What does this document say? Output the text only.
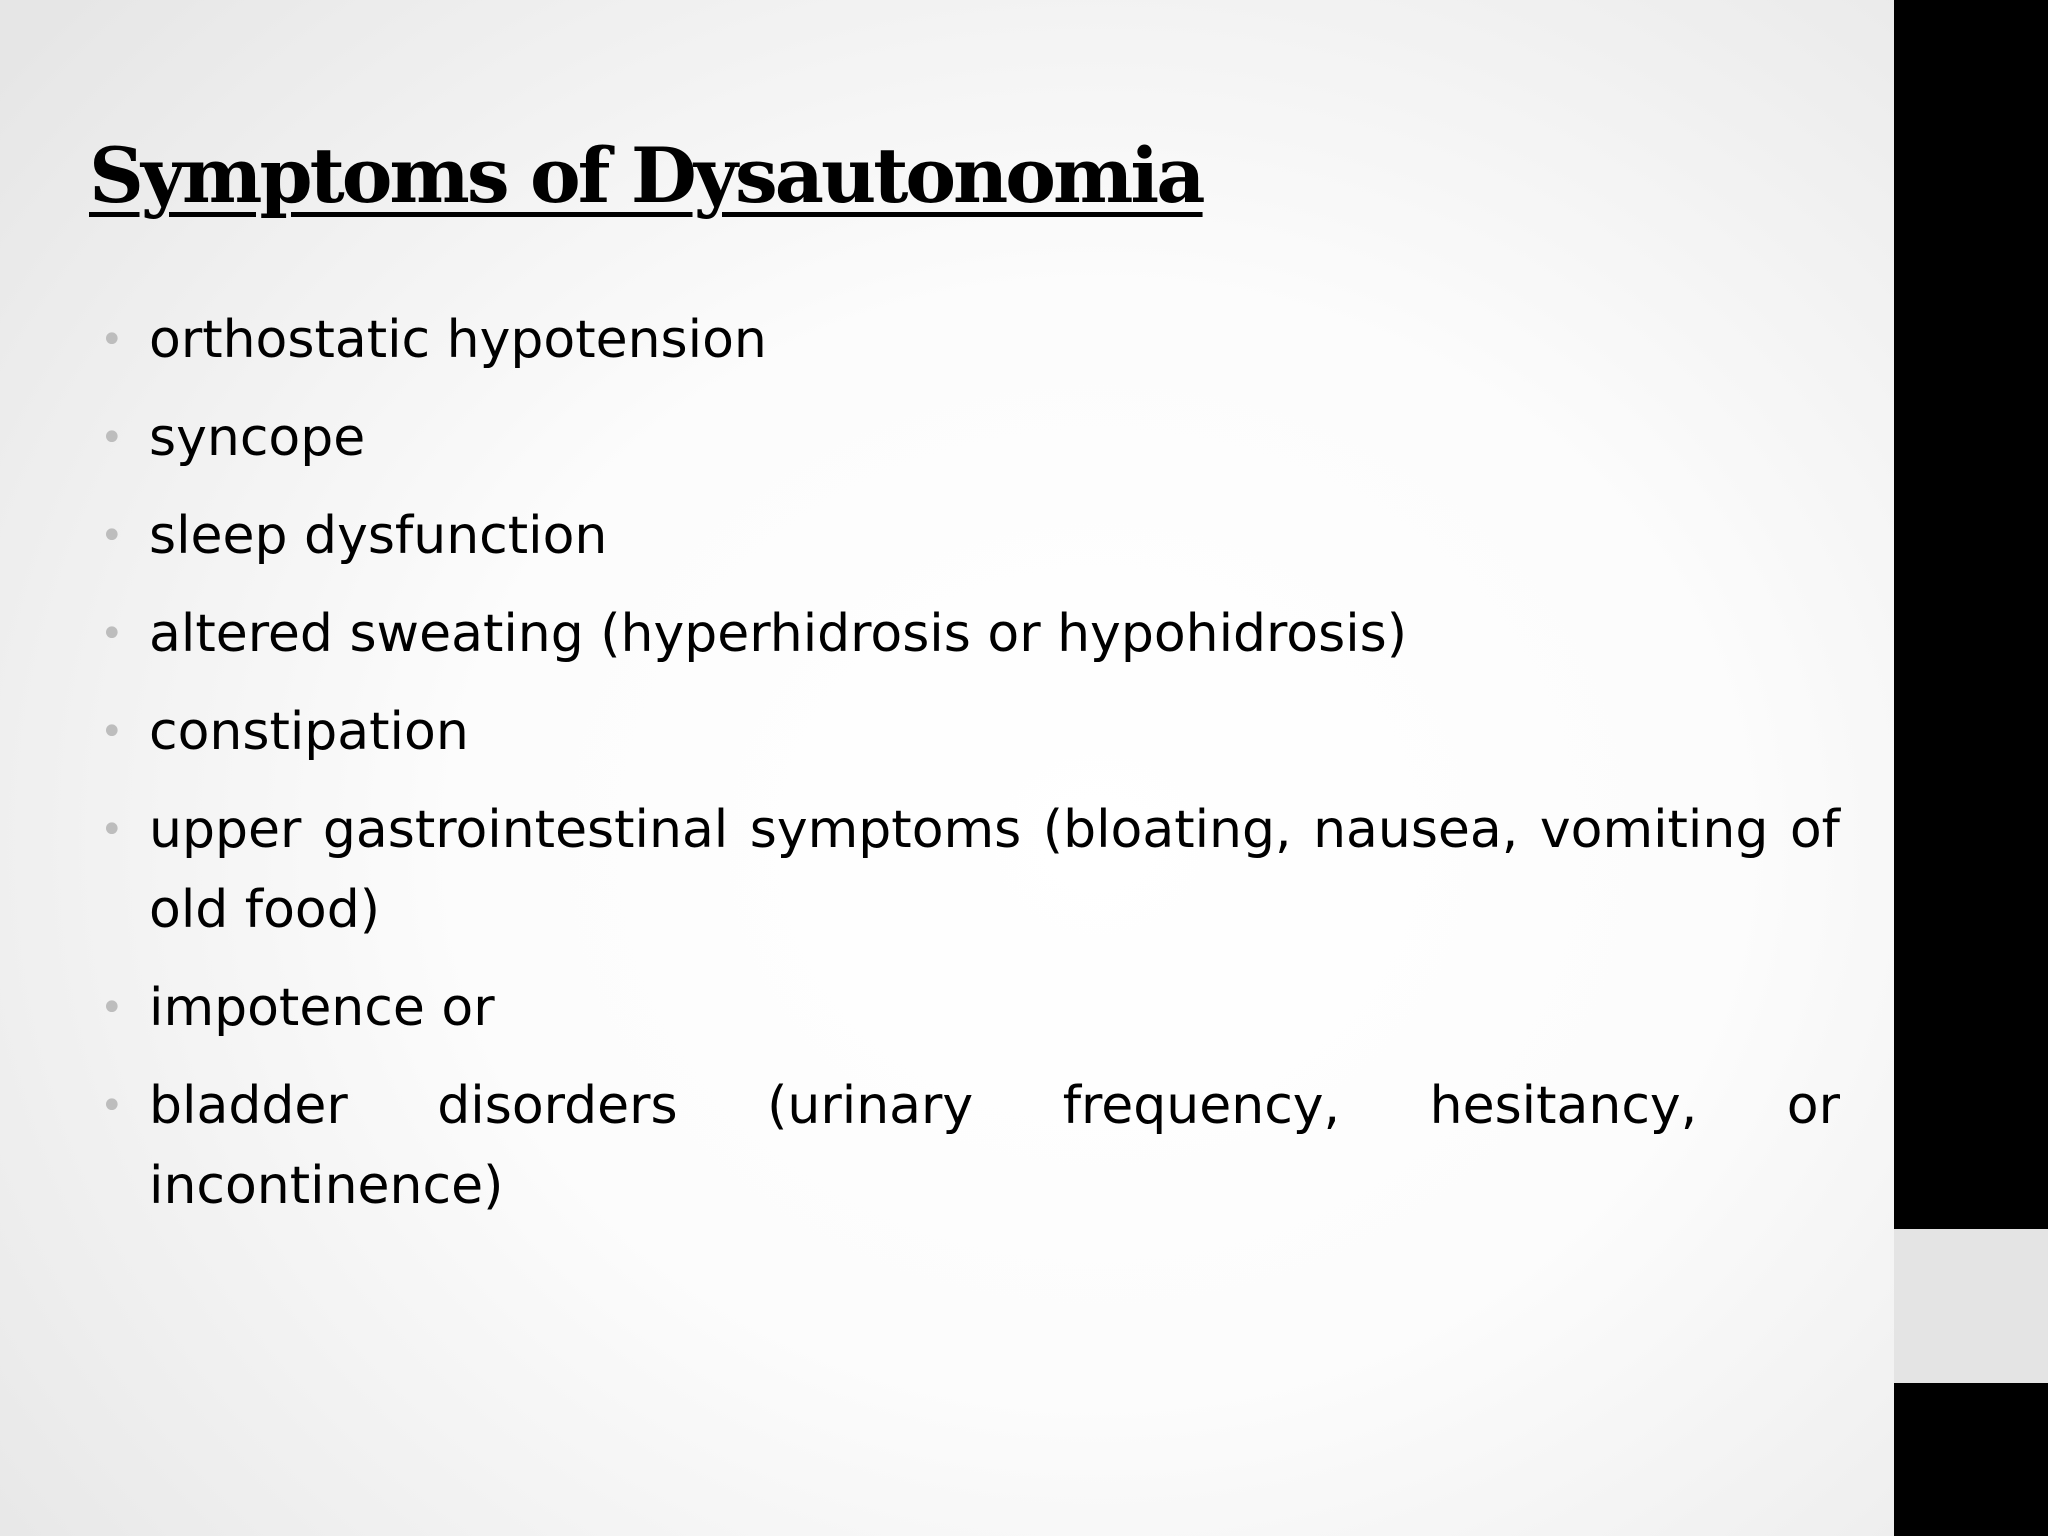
Symptoms of Dysautonomia
• orthostatic hypotension
• syncope
• sleep dysfunction
• altered sweating (hyperhidrosis or hypohidrosis)
• constipation
• upper gastrointestinal symptoms (bloating, nausea, vomiting of old food)
• impotence or
• bladder disorders (urinary frequency, hesitancy, or incontinence)
